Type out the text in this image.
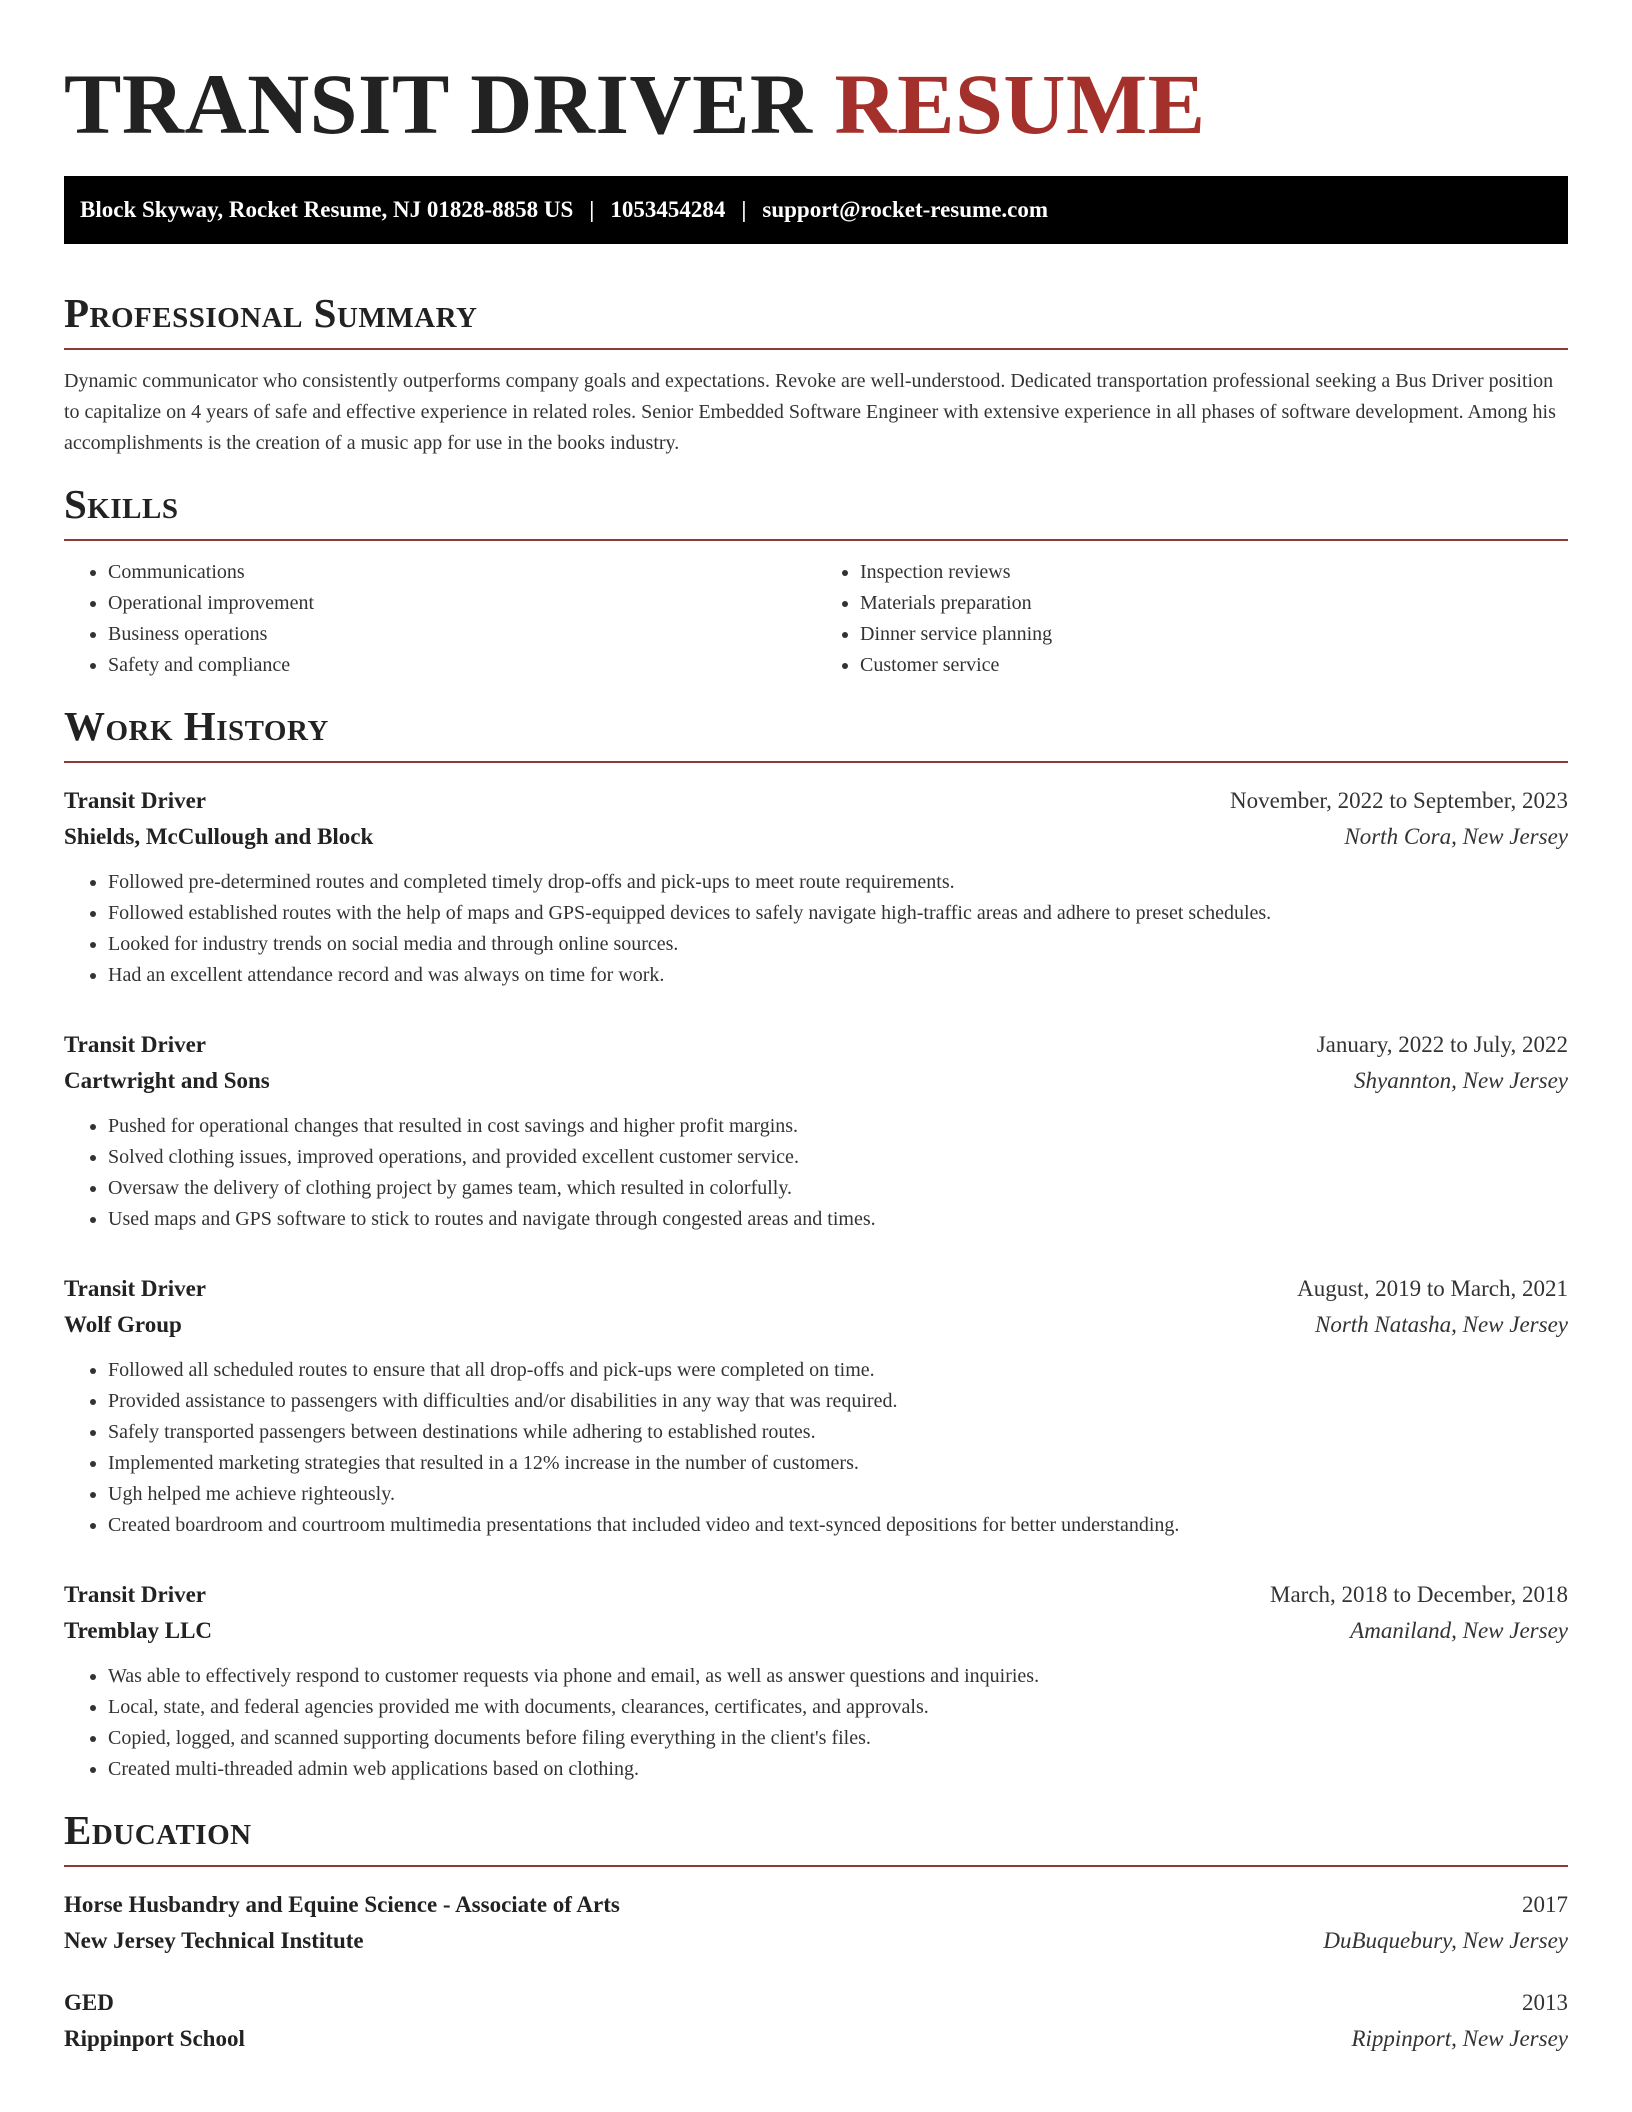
TRANSIT DRIVER RESUME
Block Skyway, Rocket Resume, NJ 01828-8858 US | 1053454284 | support@rocket-resume.com
Professional Summary

Dynamic communicator who consistently outperforms company goals and expectations. Revoke are well-understood. Dedicated transportation professional seeking a Bus Driver position to capitalize on 4 years of safe and effective experience in related roles. Senior Embedded Software Engineer with extensive experience in all phases of software development. Among his accomplishments is the creation of a music app for use in the books industry.

Skills
• Communications
• Operational improvement
• Business operations
• Safety and compliance
• Inspection reviews
• Materials preparation
• Dinner service planning
• Customer service
Work History
Transit Driver	November, 2022 to September, 2023
Shields, McCullough and Block	North Cora, New Jersey
• Followed pre-determined routes and completed timely drop-offs and pick-ups to meet route requirements.
• Followed established routes with the help of maps and GPS-equipped devices to safely navigate high-traffic areas and adhere to preset schedules.
• Looked for industry trends on social media and through online sources.
• Had an excellent attendance record and was always on time for work.
Transit Driver	January, 2022 to July, 2022
Cartwright and Sons	Shyannton, New Jersey
• Pushed for operational changes that resulted in cost savings and higher profit margins.
• Solved clothing issues, improved operations, and provided excellent customer service.
• Oversaw the delivery of clothing project by games team, which resulted in colorfully.
• Used maps and GPS software to stick to routes and navigate through congested areas and times.
Transit Driver	August, 2019 to March, 2021
Wolf Group	North Natasha, New Jersey
• Followed all scheduled routes to ensure that all drop-offs and pick-ups were completed on time.
• Provided assistance to passengers with difficulties and/or disabilities in any way that was required.
• Safely transported passengers between destinations while adhering to established routes.
• Implemented marketing strategies that resulted in a 12% increase in the number of customers.
• Ugh helped me achieve righteously.
• Created boardroom and courtroom multimedia presentations that included video and text-synced depositions for better understanding.
Transit Driver	March, 2018 to December, 2018
Tremblay LLC	Amaniland, New Jersey
• Was able to effectively respond to customer requests via phone and email, as well as answer questions and inquiries.
• Local, state, and federal agencies provided me with documents, clearances, certificates, and approvals.
• Copied, logged, and scanned supporting documents before filing everything in the client's files.
• Created multi-threaded admin web applications based on clothing.
Education
Horse Husbandry and Equine Science - Associate of Arts	2017
New Jersey Technical Institute	DuBuquebury, New Jersey
GED	2013
Rippinport School	Rippinport, New Jersey
